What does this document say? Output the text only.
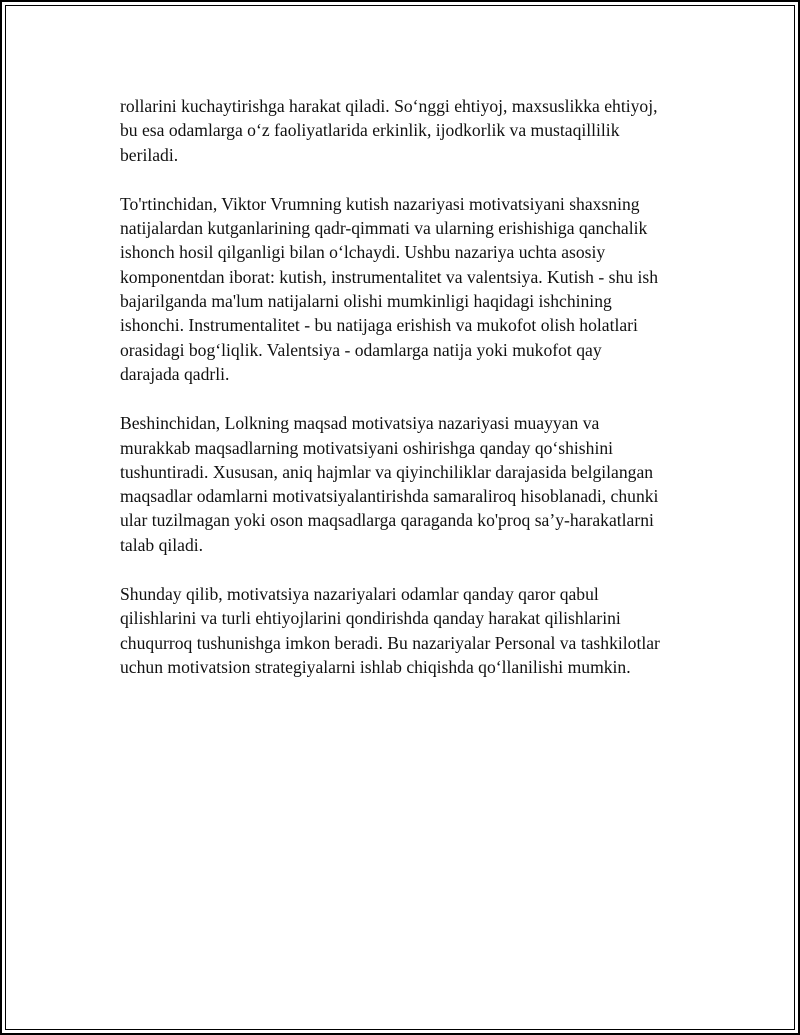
rollarini kuchaytirishga harakat qiladi. So‘nggi ehtiyoj, maxsuslikka ehtiyoj,
bu esa odamlarga o‘z faoliyatlarida erkinlik, ijodkorlik va mustaqillilik
beriladi.

To'rtinchidan, Viktor Vrumning kutish nazariyasi motivatsiyani shaxsning
natijalardan kutganlarining qadr-qimmati va ularning erishishiga qanchalik
ishonch hosil qilganligi bilan o‘lchaydi. Ushbu nazariya uchta asosiy
komponentdan iborat: kutish, instrumentalitet va valentsiya. Kutish - shu ish
bajarilganda ma'lum natijalarni olishi mumkinligi haqidagi ishchining
ishonchi. Instrumentalitet - bu natijaga erishish va mukofot olish holatlari
orasidagi bog‘liqlik. Valentsiya - odamlarga natija yoki mukofot qay
darajada qadrli.

Beshinchidan, Lolkning maqsad motivatsiya nazariyasi muayyan va
murakkab maqsadlarning motivatsiyani oshirishga qanday qo‘shishini
tushuntiradi. Xususan, aniq hajmlar va qiyinchiliklar darajasida belgilangan
maqsadlar odamlarni motivatsiyalantirishda samaraliroq hisoblanadi, chunki
ular tuzilmagan yoki oson maqsadlarga qaraganda ko'proq sa’y-harakatlarni
talab qiladi.

Shunday qilib, motivatsiya nazariyalari odamlar qanday qaror qabul
qilishlarini va turli ehtiyojlarini qondirishda qanday harakat qilishlarini
chuqurroq tushunishga imkon beradi. Bu nazariyalar Personal va tashkilotlar
uchun motivatsion strategiyalarni ishlab chiqishda qo‘llanilishi mumkin.
